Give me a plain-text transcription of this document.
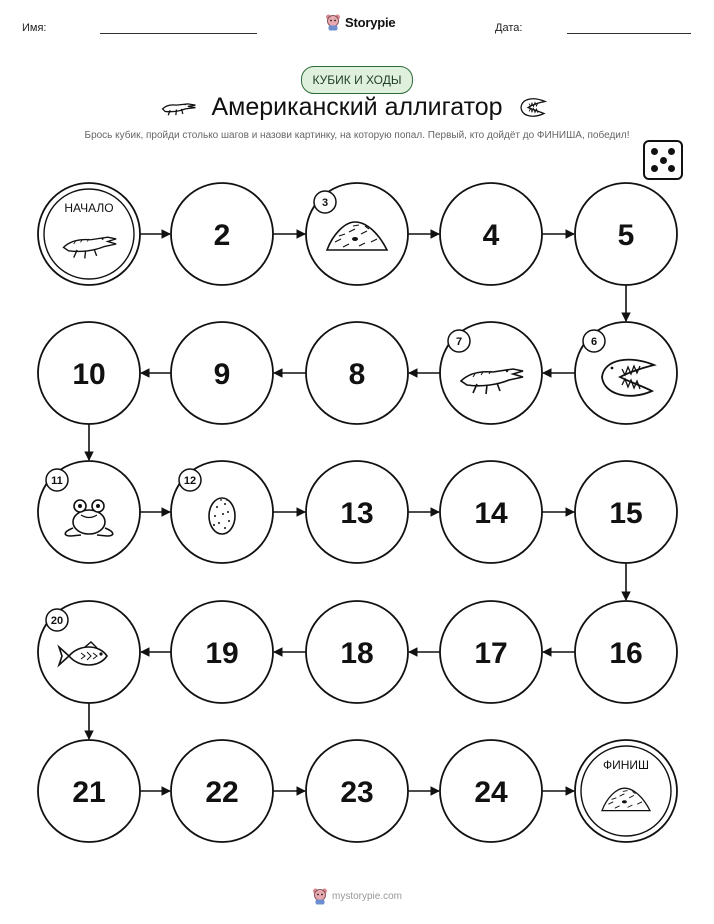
Имя:	Storypie	Дата:
КУБИК И ХОДЫ
Американский аллигатор
Брось кубик, пройди столько шагов и назови картинку, на которую попал. Первый, кто дойдёт до ФИНИША, победил!
НАЧАЛО
2
3
4	5
6
7
8
9
10
11	12
13	14	15
16
17
18
19
20
21	22	23	24
ФИНИШ
mystorypie.com
